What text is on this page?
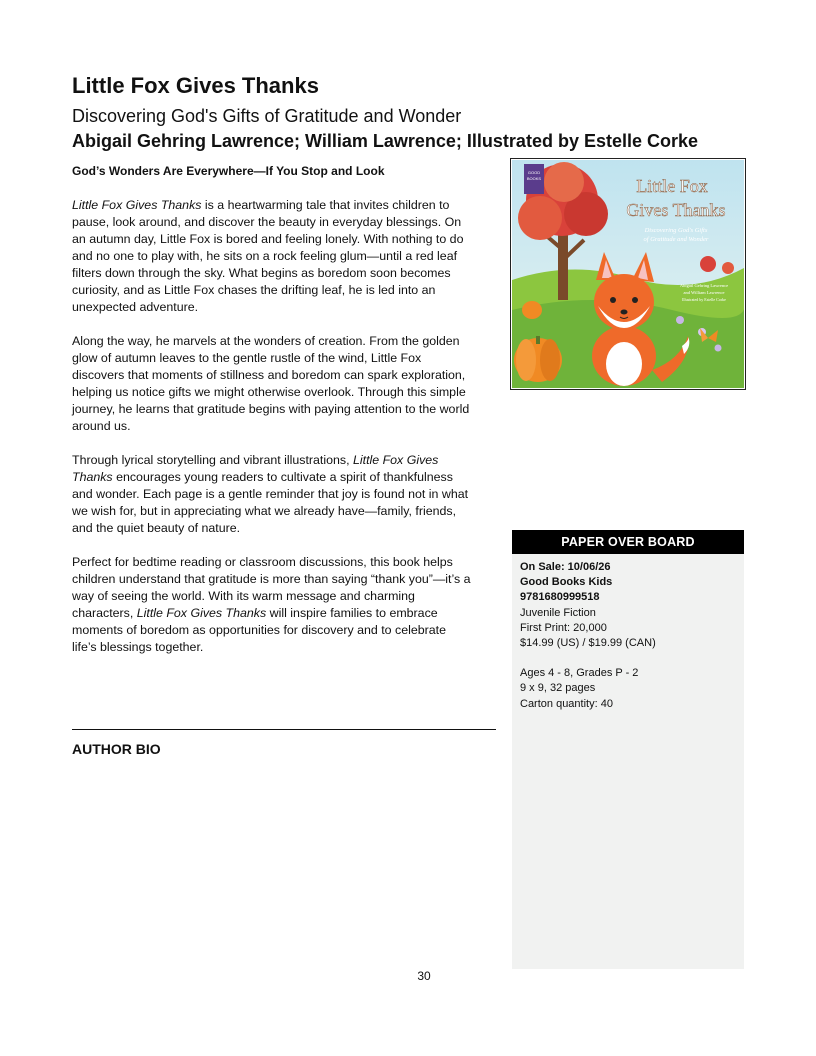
Little Fox Gives Thanks
Discovering God's Gifts of Gratitude and Wonder
Abigail Gehring Lawrence; William Lawrence; Illustrated by Estelle Corke

God’s Wonders Are Everywhere—If You Stop and Look

Little Fox Gives Thanks is a heartwarming tale that invites children to pause, look around, and discover the beauty in everyday blessings. On an autumn day, Little Fox is bored and feeling lonely. With nothing to do and no one to play with, he sits on a rock feeling glum—until a red leaf filters down through the sky. What begins as boredom soon becomes curiosity, and as Little Fox chases the drifting leaf, he is led into an unexpected adventure.

Along the way, he marvels at the wonders of creation. From the golden glow of autumn leaves to the gentle rustle of the wind, Little Fox discovers that moments of stillness and boredom can spark exploration, helping us notice gifts we might otherwise overlook. Through this simple journey, he learns that gratitude begins with paying attention to the world around us.

Through lyrical storytelling and vibrant illustrations, Little Fox Gives Thanks encourages young readers to cultivate a spirit of thankfulness and wonder. Each page is a gentle reminder that joy is found not in what we wish for, but in appreciating what we already have—family, friends, and the quiet beauty of nature.

Perfect for bedtime reading or classroom discussions, this book helps children understand that gratitude is more than saying “thank you”—it’s a way of seeing the world. With its warm message and charming characters, Little Fox Gives Thanks will inspire families to embrace moments of boredom as opportunities for discovery and to celebrate life’s blessings together.

AUTHOR BIO
GOOD
BOOKS	Little Fox
Gives Thanks
Discovering God's Gifts
of Gratitude and Wonder
Abigail Gehring Lawrence
and William Lawrence
Illustrated by Estelle Corke
PAPER OVER BOARD
On Sale: 10/06/26
Good Books Kids
9781680999518
Juvenile Fiction
First Print: 20,000
$14.99 (US) / $19.99 (CAN)
Ages 4 - 8, Grades P - 2
9 x 9, 32 pages
Carton quantity: 40
30
